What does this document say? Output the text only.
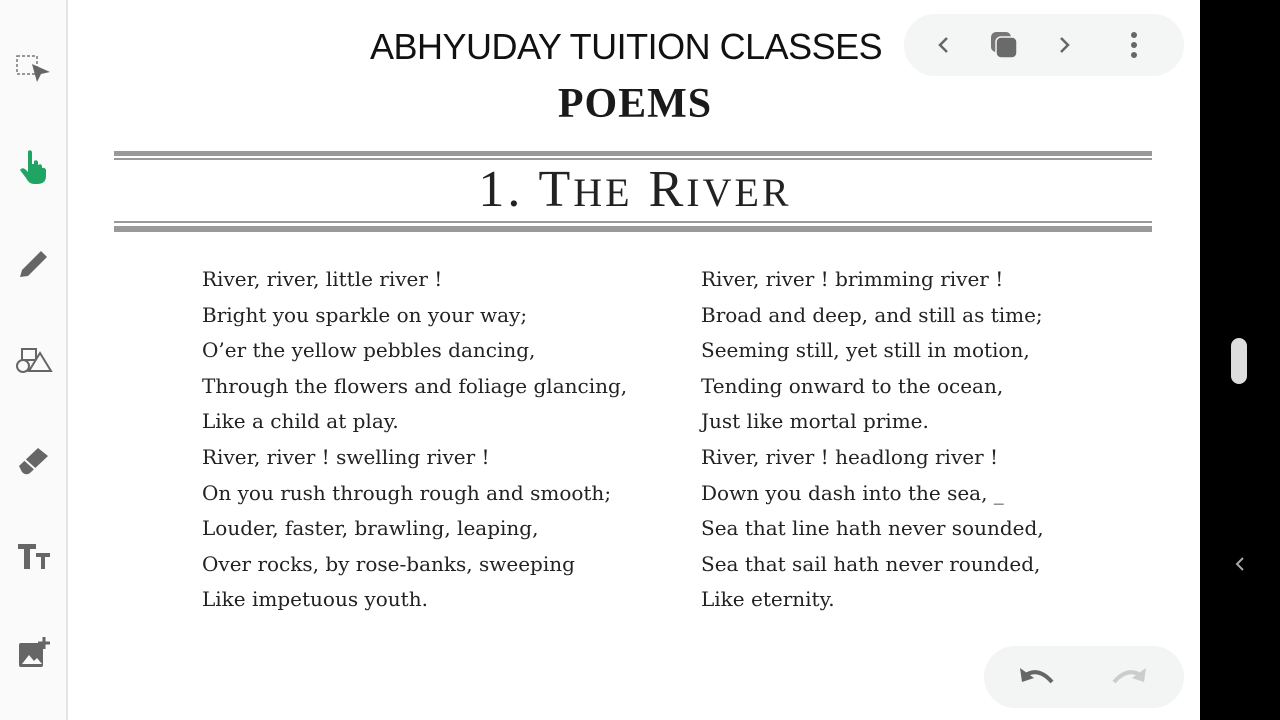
ABHYUDAY TUITION CLASSES
POEMS
1. THE RIVER
River, river, little river !
Bright you sparkle on your way;
O’er the yellow pebbles dancing,
Through the flowers and foliage glancing,
Like a child at play.
River, river ! swelling river !
On you rush through rough and smooth;
Louder, faster, brawling, leaping,
Over rocks, by rose-banks, sweeping
Like impetuous youth.
River, river ! brimming river !
Broad and deep, and still as time;
Seeming still, yet still in motion,
Tending onward to the ocean,
Just like mortal prime.
River, river ! headlong river !
Down you dash into the sea, _
Sea that line hath never sounded,
Sea that sail hath never rounded,
Like eternity.
